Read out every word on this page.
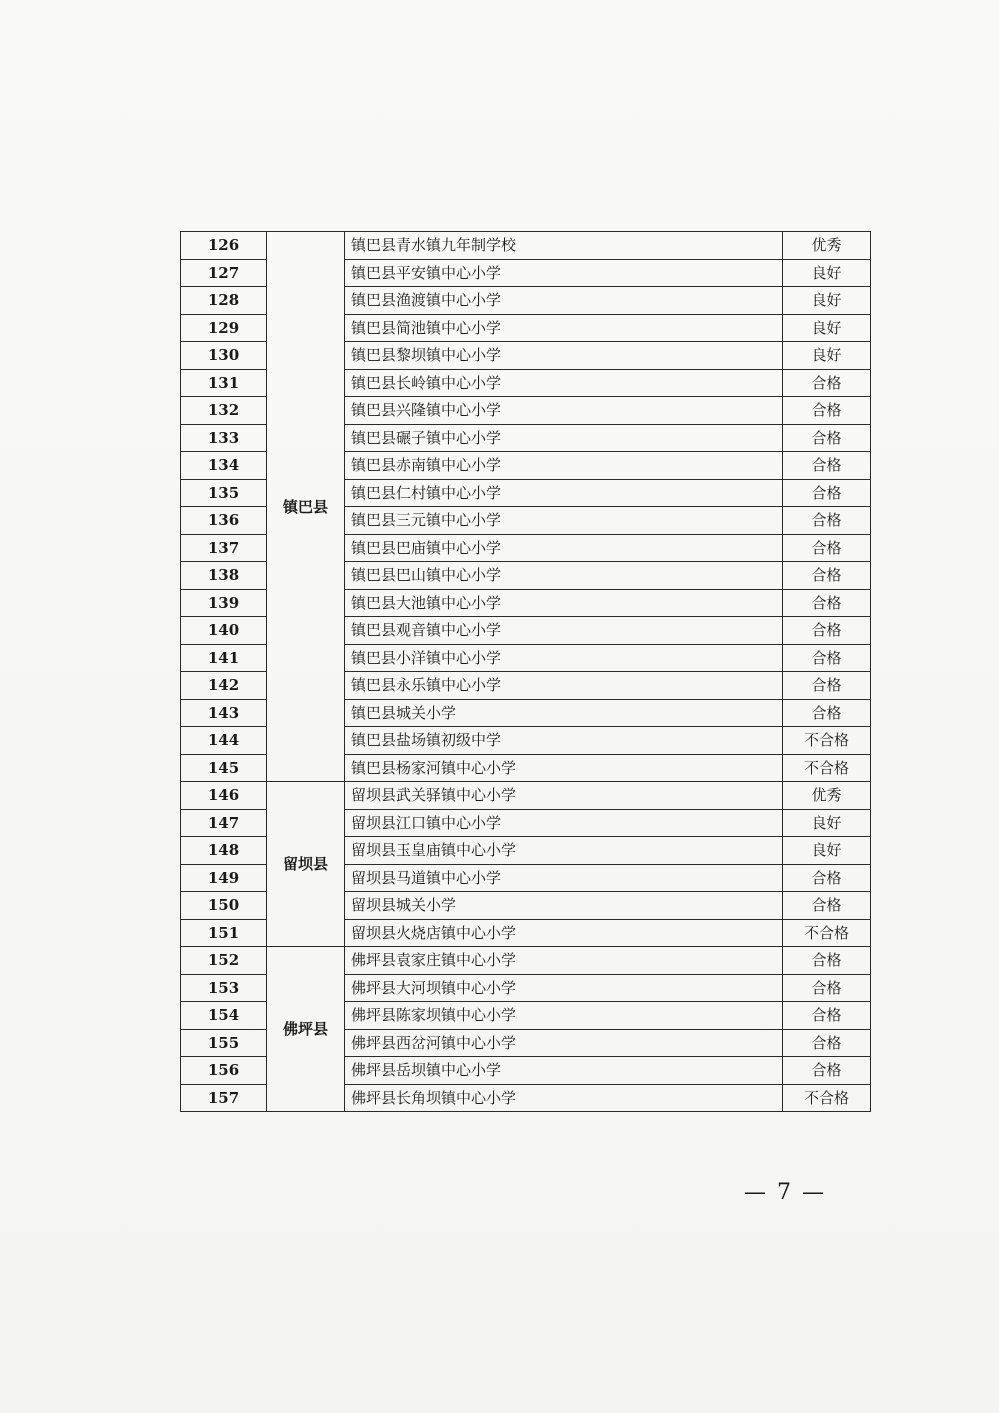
126	镇巴县	镇巴县青水镇九年制学校	优秀
127		镇巴县平安镇中心小学	良好
128		镇巴县渔渡镇中心小学	良好
129		镇巴县简池镇中心小学	良好
130		镇巴县黎坝镇中心小学	良好
131		镇巴县长岭镇中心小学	合格
132		镇巴县兴隆镇中心小学	合格
133		镇巴县碾子镇中心小学	合格
134		镇巴县赤南镇中心小学	合格
135		镇巴县仁村镇中心小学	合格
136		镇巴县三元镇中心小学	合格
137		镇巴县巴庙镇中心小学	合格
138		镇巴县巴山镇中心小学	合格
139		镇巴县大池镇中心小学	合格
140		镇巴县观音镇中心小学	合格
141		镇巴县小洋镇中心小学	合格
142		镇巴县永乐镇中心小学	合格
143		镇巴县城关小学	合格
144		镇巴县盐场镇初级中学	不合格
145		镇巴县杨家河镇中心小学	不合格
146	留坝县	留坝县武关驿镇中心小学	优秀
147		留坝县江口镇中心小学	良好
148		留坝县玉皇庙镇中心小学	良好
149		留坝县马道镇中心小学	合格
150		留坝县城关小学	合格
151		留坝县火烧店镇中心小学	不合格
152	佛坪县	佛坪县袁家庄镇中心小学	合格
153		佛坪县大河坝镇中心小学	合格
154		佛坪县陈家坝镇中心小学	合格
155		佛坪县西岔河镇中心小学	合格
156		佛坪县岳坝镇中心小学	合格
157		佛坪县长角坝镇中心小学	不合格
— 7 —
